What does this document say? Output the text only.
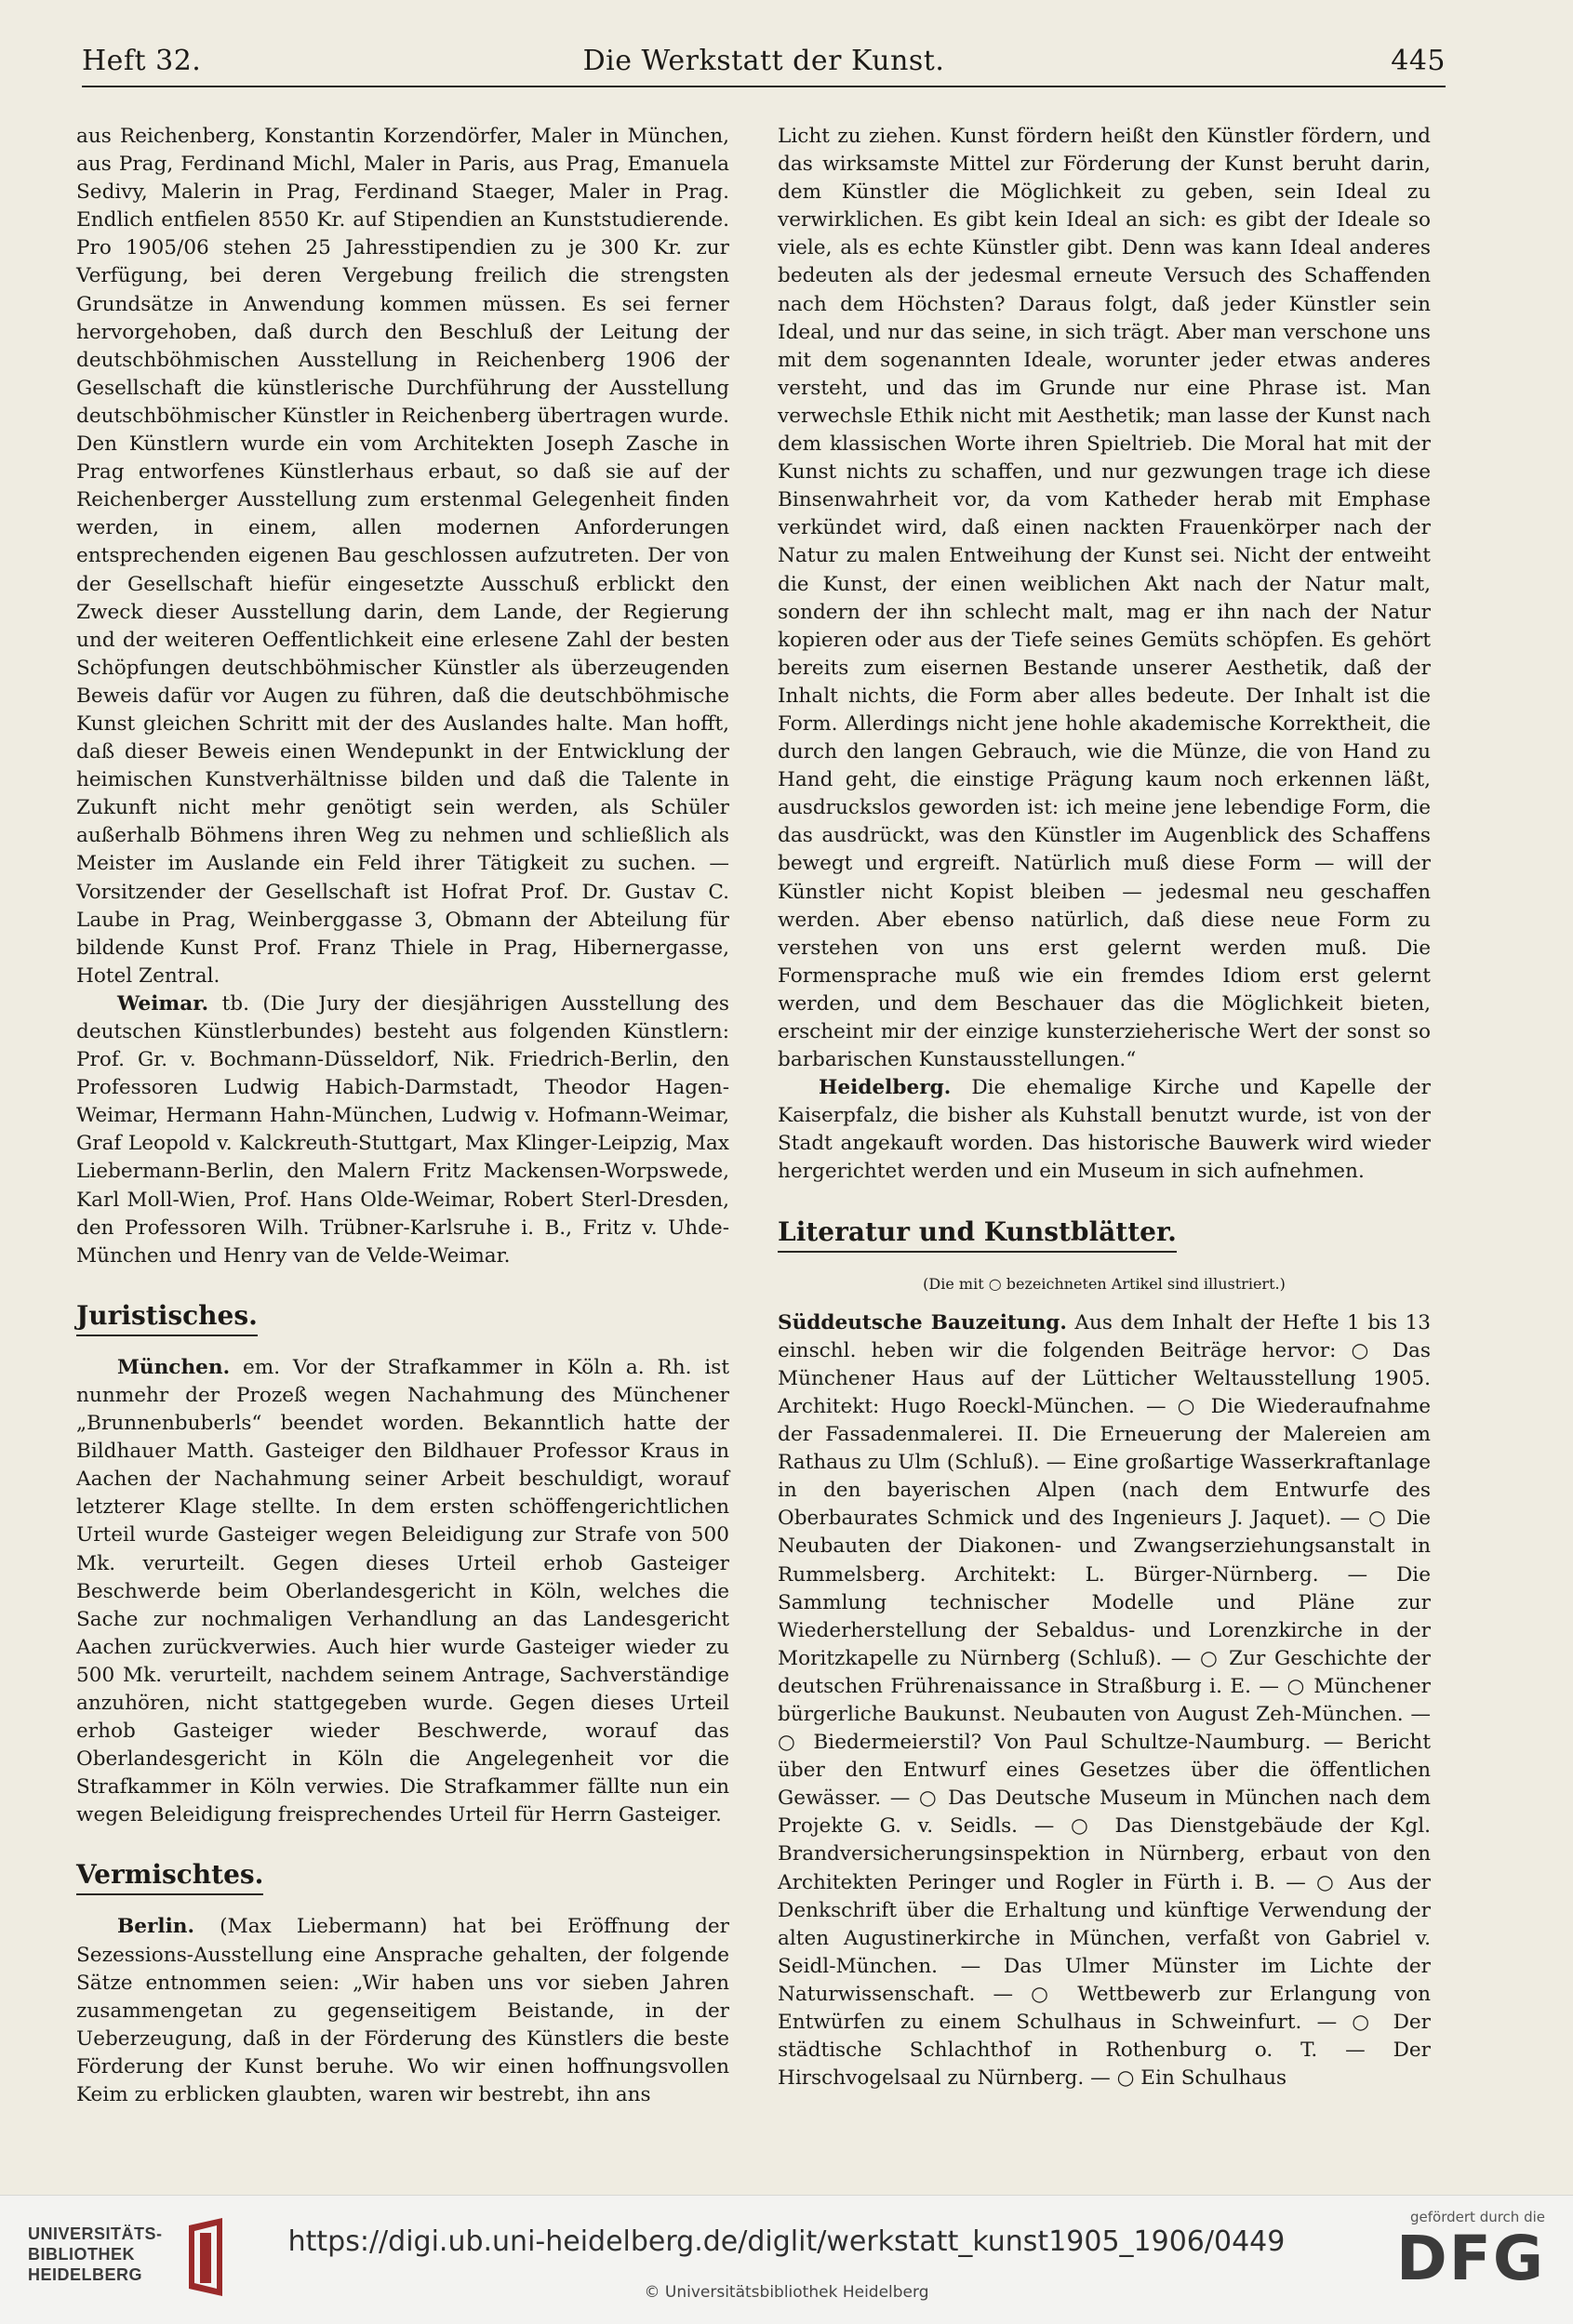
Heft 32.	Die Werkstatt der Kunst.	445

aus Reichenberg, Konstantin Korzendörfer, Maler in München, aus Prag, Ferdinand Michl, Maler in Paris, aus Prag, Emanuela Sedivy, Malerin in Prag, Ferdinand Staeger, Maler in Prag. Endlich entfielen 8550 Kr. auf Stipendien an Kunststudierende. Pro 1905/06 stehen 25 Jahresstipendien zu je 300 Kr. zur Verfügung, bei deren Vergebung freilich die strengsten Grundsätze in Anwendung kommen müssen. Es sei ferner hervorgehoben, daß durch den Beschluß der Leitung der deutschböhmischen Ausstellung in Reichenberg 1906 der Gesellschaft die künstlerische Durchführung der Ausstellung deutschböhmischer Künstler in Reichenberg übertragen wurde. Den Künstlern wurde ein vom Architekten Joseph Zasche in Prag entworfenes Künstlerhaus erbaut, so daß sie auf der Reichenberger Ausstellung zum erstenmal Gelegenheit finden werden, in einem, allen modernen Anforderungen entsprechenden eigenen Bau geschlossen aufzutreten. Der von der Gesellschaft hiefür eingesetzte Ausschuß erblickt den Zweck dieser Ausstellung darin, dem Lande, der Regierung und der weiteren Oeffentlichkeit eine erlesene Zahl der besten Schöpfungen deutschböhmischer Künstler als überzeugenden Beweis dafür vor Augen zu führen, daß die deutschböhmische Kunst gleichen Schritt mit der des Auslandes halte. Man hofft, daß dieser Beweis einen Wendepunkt in der Entwicklung der heimischen Kunstverhältnisse bilden und daß die Talente in Zukunft nicht mehr genötigt sein werden, als Schüler außerhalb Böhmens ihren Weg zu nehmen und schließlich als Meister im Auslande ein Feld ihrer Tätigkeit zu suchen. — Vorsitzender der Gesellschaft ist Hofrat Prof. Dr. Gustav C. Laube in Prag, Weinberggasse 3, Obmann der Abteilung für bildende Kunst Prof. Franz Thiele in Prag, Hibernergasse, Hotel Zentral.

Weimar. tb. (Die Jury der diesjährigen Ausstellung des deutschen Künstlerbundes) besteht aus folgenden Künstlern: Prof. Gr. v. Bochmann-Düsseldorf, Nik. Friedrich-Berlin, den Professoren Ludwig Habich-Darmstadt, Theodor Hagen-Weimar, Hermann Hahn-München, Ludwig v. Hofmann-Weimar, Graf Leopold v. Kalckreuth-Stuttgart, Max Klinger-Leipzig, Max Liebermann-Berlin, den Malern Fritz Mackensen-Worpswede, Karl Moll-Wien, Prof. Hans Olde-Weimar, Robert Sterl-Dresden, den Professoren Wilh. Trübner-Karlsruhe i. B., Fritz v. Uhde-München und Henry van de Velde-Weimar.

Juristisches.

München. em. Vor der Strafkammer in Köln a. Rh. ist nunmehr der Prozeß wegen Nachahmung des Münchener „Brunnenbuberls“ beendet worden. Bekanntlich hatte der Bildhauer Matth. Gasteiger den Bildhauer Professor Kraus in Aachen der Nachahmung seiner Arbeit beschuldigt, worauf letzterer Klage stellte. In dem ersten schöffengerichtlichen Urteil wurde Gasteiger wegen Beleidigung zur Strafe von 500 Mk. verurteilt. Gegen dieses Urteil erhob Gasteiger Beschwerde beim Oberlandesgericht in Köln, welches die Sache zur nochmaligen Verhandlung an das Landesgericht Aachen zurückverwies. Auch hier wurde Gasteiger wieder zu 500 Mk. verurteilt, nachdem seinem Antrage, Sachverständige anzuhören, nicht stattgegeben wurde. Gegen dieses Urteil erhob Gasteiger wieder Beschwerde, worauf das Oberlandesgericht in Köln die Angelegenheit vor die Strafkammer in Köln verwies. Die Strafkammer fällte nun ein wegen Beleidigung freisprechendes Urteil für Herrn Gasteiger.

Vermischtes.

Berlin. (Max Liebermann) hat bei Eröffnung der Sezessions-Ausstellung eine Ansprache gehalten, der folgende Sätze entnommen seien: „Wir haben uns vor sieben Jahren zusammengetan zu gegenseitigem Beistande, in der Ueberzeugung, daß in der Förderung des Künstlers die beste Förderung der Kunst beruhe. Wo wir einen hoffnungsvollen Keim zu erblicken glaubten, waren wir bestrebt, ihn ans

Licht zu ziehen. Kunst fördern heißt den Künstler fördern, und das wirksamste Mittel zur Förderung der Kunst beruht darin, dem Künstler die Möglichkeit zu geben, sein Ideal zu verwirklichen. Es gibt kein Ideal an sich: es gibt der Ideale so viele, als es echte Künstler gibt. Denn was kann Ideal anderes bedeuten als der jedesmal erneute Versuch des Schaffenden nach dem Höchsten? Daraus folgt, daß jeder Künstler sein Ideal, und nur das seine, in sich trägt. Aber man verschone uns mit dem sogenannten Ideale, worunter jeder etwas anderes versteht, und das im Grunde nur eine Phrase ist. Man verwechsle Ethik nicht mit Aesthetik; man lasse der Kunst nach dem klassischen Worte ihren Spieltrieb. Die Moral hat mit der Kunst nichts zu schaffen, und nur gezwungen trage ich diese Binsenwahrheit vor, da vom Katheder herab mit Emphase verkündet wird, daß einen nackten Frauenkörper nach der Natur zu malen Entweihung der Kunst sei. Nicht der entweiht die Kunst, der einen weiblichen Akt nach der Natur malt, sondern der ihn schlecht malt, mag er ihn nach der Natur kopieren oder aus der Tiefe seines Gemüts schöpfen. Es gehört bereits zum eisernen Bestande unserer Aesthetik, daß der Inhalt nichts, die Form aber alles bedeute. Der Inhalt ist die Form. Allerdings nicht jene hohle akademische Korrektheit, die durch den langen Gebrauch, wie die Münze, die von Hand zu Hand geht, die einstige Prägung kaum noch erkennen läßt, ausdruckslos geworden ist: ich meine jene lebendige Form, die das ausdrückt, was den Künstler im Augenblick des Schaffens bewegt und ergreift. Natürlich muß diese Form — will der Künstler nicht Kopist bleiben — jedesmal neu geschaffen werden. Aber ebenso natürlich, daß diese neue Form zu verstehen von uns erst gelernt werden muß. Die Formensprache muß wie ein fremdes Idiom erst gelernt werden, und dem Beschauer das die Möglichkeit bieten, erscheint mir der einzige kunsterzieherische Wert der sonst so barbarischen Kunstausstellungen.“

Heidelberg. Die ehemalige Kirche und Kapelle der Kaiserpfalz, die bisher als Kuhstall benutzt wurde, ist von der Stadt angekauft worden. Das historische Bauwerk wird wieder hergerichtet werden und ein Museum in sich aufnehmen.

Literatur und Kunstblätter.
(Die mit ○ bezeichneten Artikel sind illustriert.)

Süddeutsche Bauzeitung. Aus dem Inhalt der Hefte 1 bis 13 einschl. heben wir die folgenden Beiträge hervor: ○ Das Münchener Haus auf der Lütticher Weltausstellung 1905. Architekt: Hugo Roeckl-München. — ○ Die Wiederaufnahme der Fassadenmalerei. II. Die Erneuerung der Malereien am Rathaus zu Ulm (Schluß). — Eine großartige Wasserkraftanlage in den bayerischen Alpen (nach dem Entwurfe des Oberbaurates Schmick und des Ingenieurs J. Jaquet). — ○ Die Neubauten der Diakonen- und Zwangserziehungsanstalt in Rummelsberg. Architekt: L. Bürger-Nürnberg. — Die Sammlung technischer Modelle und Pläne zur Wiederherstellung der Sebaldus- und Lorenzkirche in der Moritzkapelle zu Nürnberg (Schluß). — ○ Zur Geschichte der deutschen Frührenaissance in Straßburg i. E. — ○ Münchener bürgerliche Baukunst. Neubauten von August Zeh-München. — ○ Biedermeierstil? Von Paul Schultze-Naumburg. — Bericht über den Entwurf eines Gesetzes über die öffentlichen Gewässer. — ○ Das Deutsche Museum in München nach dem Projekte G. v. Seidls. — ○ Das Dienstgebäude der Kgl. Brandversicherungsinspektion in Nürnberg, erbaut von den Architekten Peringer und Rogler in Fürth i. B. — ○ Aus der Denkschrift über die Erhaltung und künftige Verwendung der alten Augustinerkirche in München, verfaßt von Gabriel v. Seidl-München. — Das Ulmer Münster im Lichte der Naturwissenschaft. — ○ Wettbewerb zur Erlangung von Entwürfen zu einem Schulhaus in Schweinfurt. — ○ Der städtische Schlachthof in Rothenburg o. T. — Der Hirschvogelsaal zu Nürnberg. — ○ Ein Schulhaus

UNIVERSITÄTS-
BIBLIOTHEK
HEIDELBERG
https://digi.ub.uni-heidelberg.de/diglit/werkstatt_kunst1905_1906/0449
© Universitätsbibliothek Heidelberg
gefördert durch die
DFG
